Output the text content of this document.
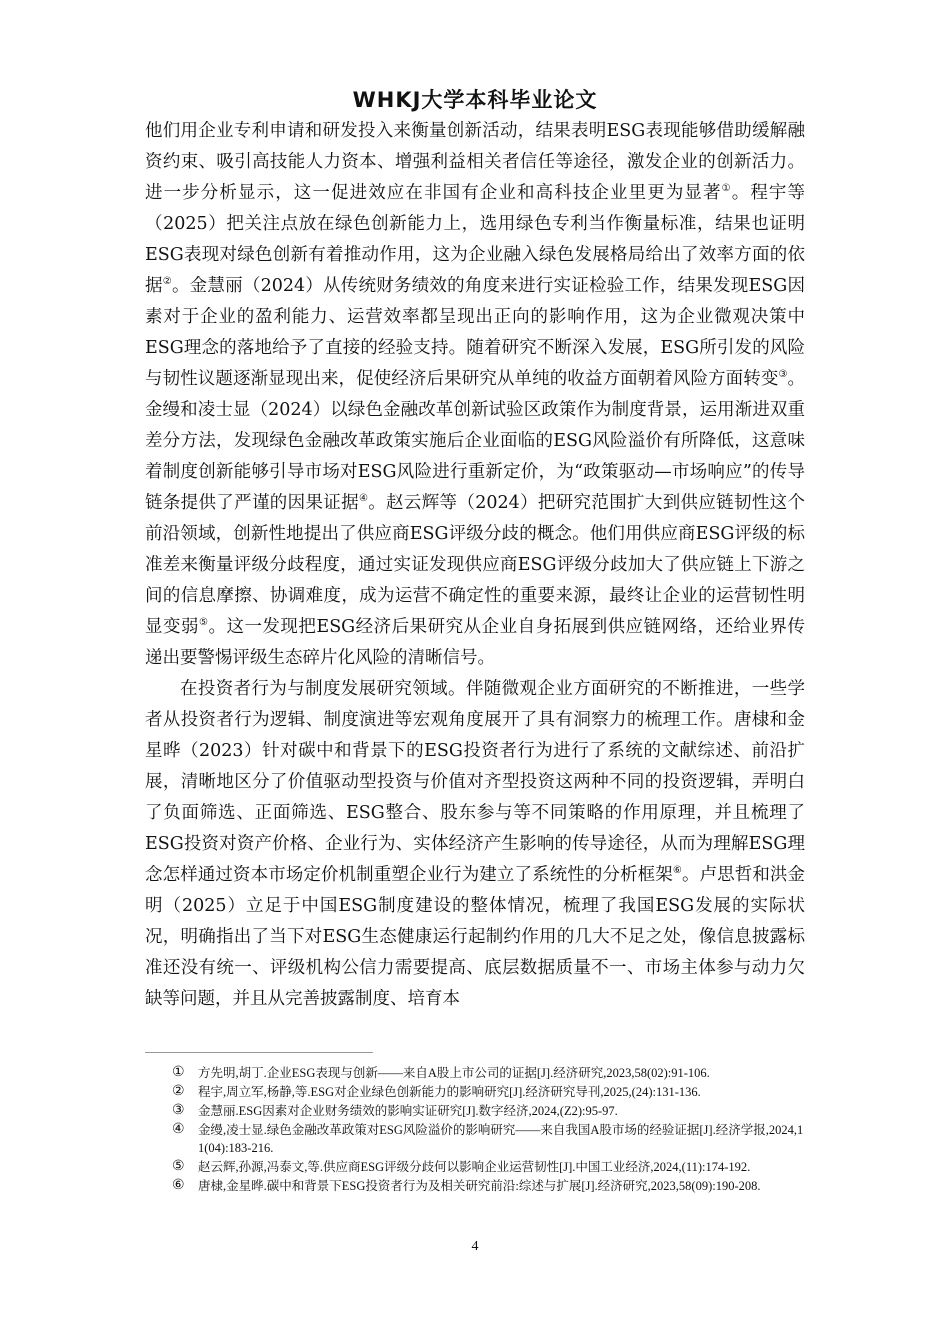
WHKJ大学本科毕业论文

他们用企业专利申请和研发投入来衡量创新活动，结果表明ESG表现能够借助缓解融资约束、吸引高技能人力资本、增强利益相关者信任等途径，激发企业的创新活力。进一步分析显示，这一促进效应在非国有企业和高科技企业里更为显著①。程宇等（2025）把关注点放在绿色创新能力上，选用绿色专利当作衡量标准，结果也证明ESG表现对绿色创新有着推动作用，这为企业融入绿色发展格局给出了效率方面的依据②。金慧丽（2024）从传统财务绩效的角度来进行实证检验工作，结果发现ESG因素对于企业的盈利能力、运营效率都呈现出正向的影响作用，这为企业微观决策中ESG理念的落地给予了直接的经验支持。随着研究不断深入发展，ESG所引发的风险与韧性议题逐渐显现出来，促使经济后果研究从单纯的收益方面朝着风险方面转变③。金缦和凌士显（2024）以绿色金融改革创新试验区政策作为制度背景，运用渐进双重差分方法，发现绿色金融改革政策实施后企业面临的ESG风险溢价有所降低，这意味着制度创新能够引导市场对ESG风险进行重新定价，为“政策驱动—市场响应”的传导链条提供了严谨的因果证据④。赵云辉等（2024）把研究范围扩大到供应链韧性这个前沿领域，创新性地提出了供应商ESG评级分歧的概念。他们用供应商ESG评级的标准差来衡量评级分歧程度，通过实证发现供应商ESG评级分歧加大了供应链上下游之间的信息摩擦、协调难度，成为运营不确定性的重要来源，最终让企业的运营韧性明显变弱⑤。这一发现把ESG经济后果研究从企业自身拓展到供应链网络，还给业界传递出要警惕评级生态碎片化风险的清晰信号。

在投资者行为与制度发展研究领域。伴随微观企业方面研究的不断推进，一些学者从投资者行为逻辑、制度演进等宏观角度展开了具有洞察力的梳理工作。唐棣和金星晔（2023）针对碳中和背景下的ESG投资者行为进行了系统的文献综述、前沿扩展，清晰地区分了价值驱动型投资与价值对齐型投资这两种不同的投资逻辑，弄明白了负面筛选、正面筛选、ESG整合、股东参与等不同策略的作用原理，并且梳理了ESG投资对资产价格、企业行为、实体经济产生影响的传导途径，从而为理解ESG理念怎样通过资本市场定价机制重塑企业行为建立了系统性的分析框架⑥。卢思哲和洪金明（2025）立足于中国ESG制度建设的整体情况，梳理了我国ESG发展的实际状况，明确指出了当下对ESG生态健康运行起制约作用的几大不足之处，像信息披露标准还没有统一、评级机构公信力需要提高、底层数据质量不一、市场主体参与动力欠缺等问题，并且从完善披露制度、培育本

①	方先明,胡丁.企业ESG表现与创新——来自A股上市公司的证据[J].经济研究,2023,58(02):91-106.
②	程宇,周立军,杨静,等.ESG对企业绿色创新能力的影响研究[J].经济研究导刊,2025,(24):131-136.
③	金慧丽.ESG因素对企业财务绩效的影响实证研究[J].数字经济,2024,(Z2):95-97.
④	金缦,凌士显.绿色金融改革政策对ESG风险溢价的影响研究——来自我国A股市场的经验证据[J].经济学报,2024,11(04):183-216.
⑤	赵云辉,孙源,冯泰文,等.供应商ESG评级分歧何以影响企业运营韧性[J].中国工业经济,2024,(11):174-192.
⑥	唐棣,金星晔.碳中和背景下ESG投资者行为及相关研究前沿:综述与扩展[J].经济研究,2023,58(09):190-208.
4
